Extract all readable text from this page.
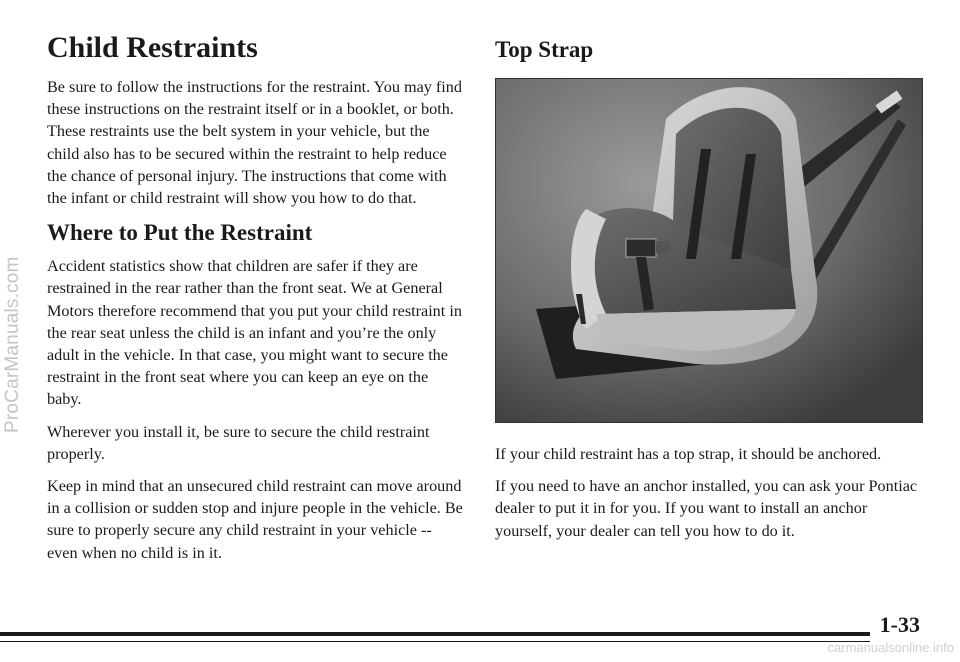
ProCarManuals.com
Child Restraints

Be sure to follow the instructions for the restraint. You may find these instructions on the restraint itself or in a booklet, or both. These restraints use the belt system in your vehicle, but the child also has to be secured within the restraint to help reduce the chance of personal injury. The instructions that come with the infant or child restraint will show you how to do that.

Where to Put the Restraint

Accident statistics show that children are safer if they are restrained in the rear rather than the front seat. We at General Motors therefore recommend that you put your child restraint in the rear seat unless the child is an infant and you’re the only adult in the vehicle. In that case, you might want to secure the restraint in the front seat where you can keep an eye on the baby.

Wherever you install it, be sure to secure the child restraint properly.

Keep in mind that an unsecured child restraint can move around in a collision or sudden stop and injure people in the vehicle. Be sure to properly secure any child restraint in your vehicle -- even when no child is in it.

Top Strap

If your child restraint has a top strap, it should be anchored.

If you need to have an anchor installed, you can ask your Pontiac dealer to put it in for you. If you want to install an anchor yourself, your dealer can tell you how to do it.

1-33
carmanualsonline.info
